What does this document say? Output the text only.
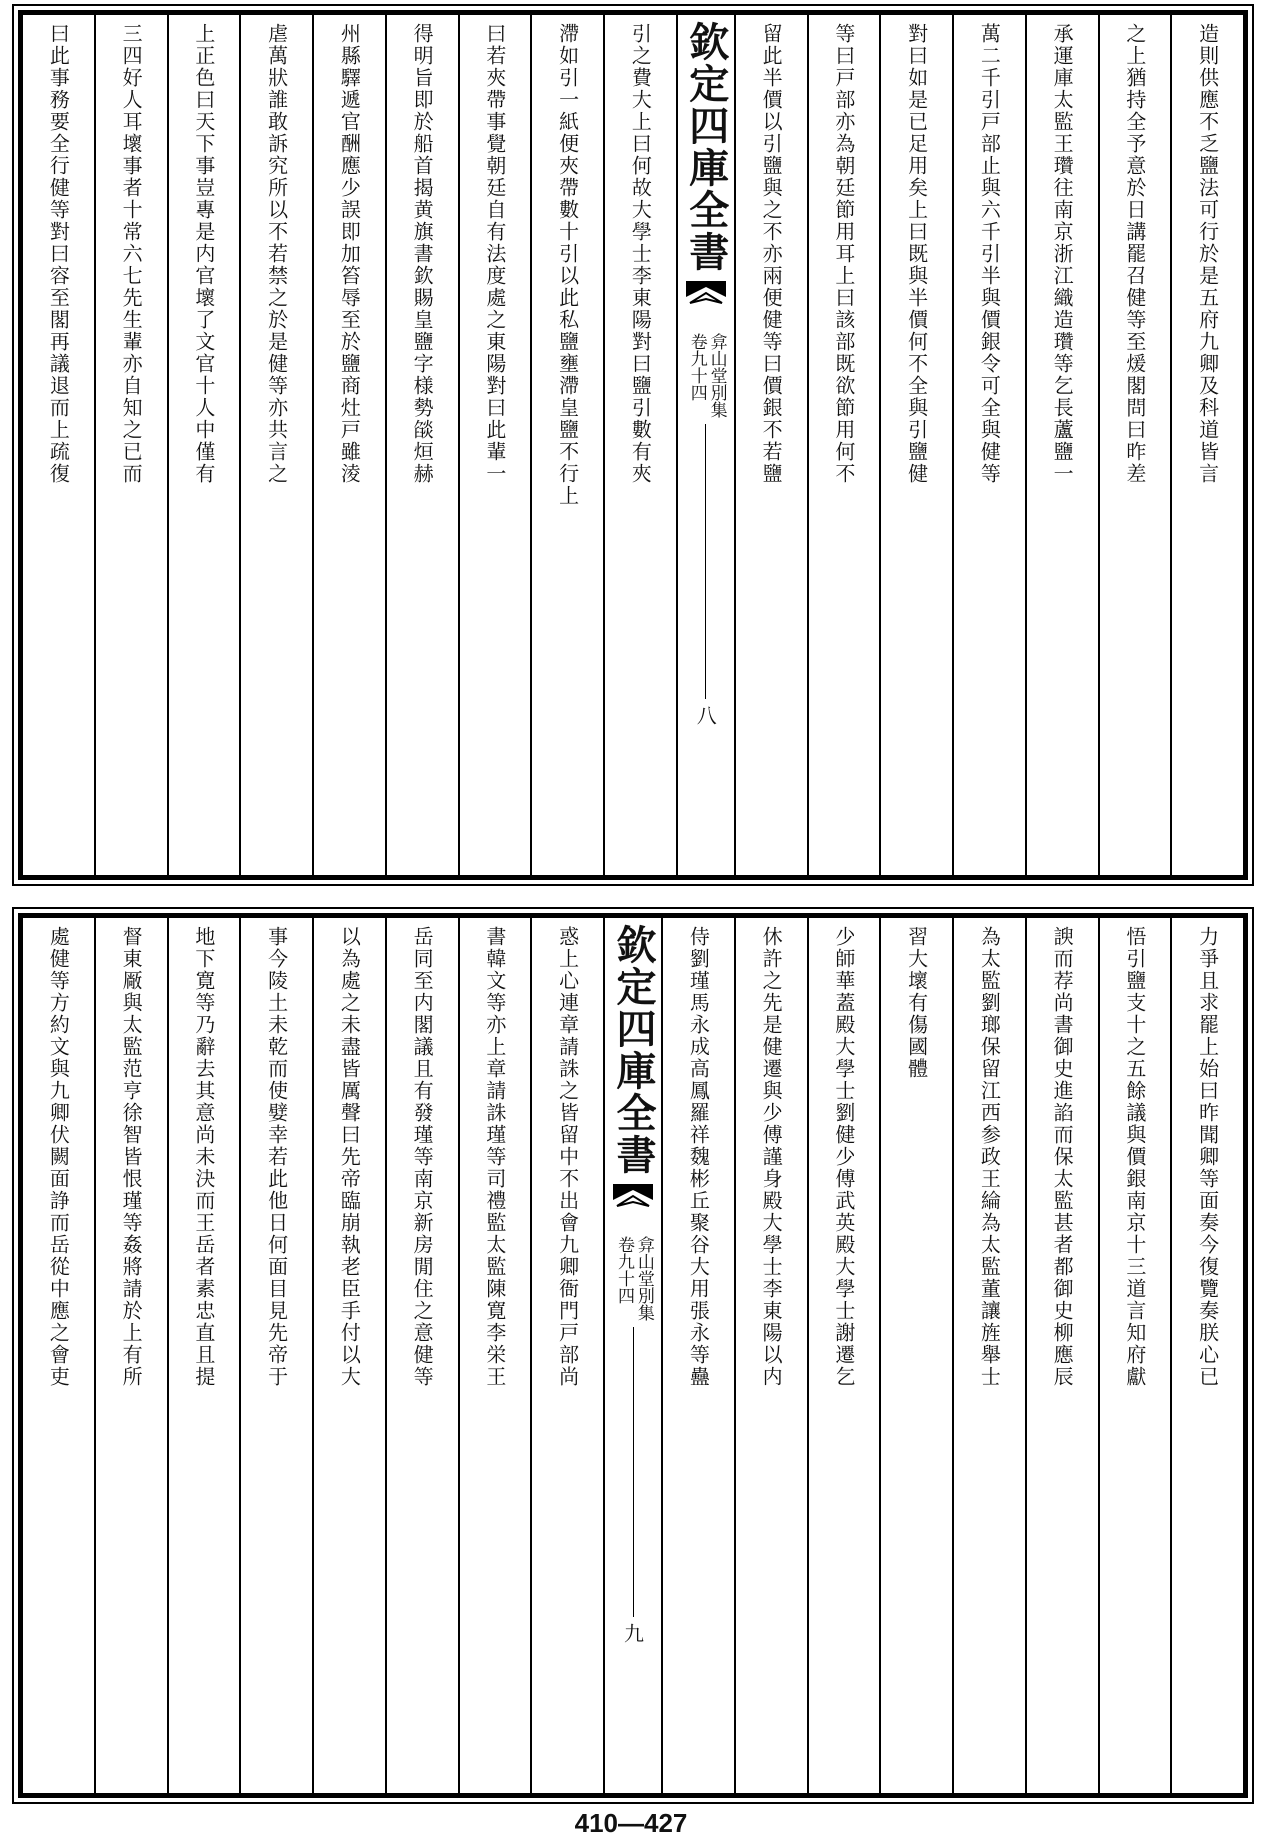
造則供應不乏鹽法可行於是五府九卿及科道皆言
之上猶持全予意於日講罷召健等至煖閣問曰昨差
承運庫太監王瓚往南京浙江織造瓚等乞長蘆鹽一
萬二千引戸部止與六千引半與價銀令可全與健等
對曰如是已足用矣上曰既與半價何不全與引鹽健
等曰戸部亦為朝廷節用耳上曰該部既欲節用何不
留此半價以引鹽與之不亦兩便健等曰價銀不若鹽
欽定四庫全書
弇山堂別集
卷九十四
八
引之費大上曰何故大學士李東陽對曰鹽引數有夾
滯如引一紙便夾帶數十引以此私鹽壅滯皇鹽不行上
曰若夾帶事覺朝廷自有法度處之東陽對曰此輩一
得明旨即於船首揭黄旗書欽賜皇鹽字様勢燄烜赫
州縣驛遞官酬應少誤即加笞辱至於鹽商灶戸雖淩
虐萬狀誰敢訴究所以不若禁之於是健等亦共言之
上正色曰天下事豈專是内官壞了文官十人中僅有
三四好人耳壞事者十常六七先生輩亦自知之已而
曰此事務要全行健等對曰容至閣再議退而上疏復
力爭且求罷上始曰昨聞卿等面奏今復覽奏朕心已
悟引鹽支十之五餘議與價銀南京十三道言知府獻
諛而荐尚書御史進諂而保太監甚者都御史柳應辰
為太監劉瑯保留江西参政王綸為太監董讓旌舉士
習大壞有傷國體
少師華蓋殿大學士劉健少傅武英殿大學士謝遷乞
休許之先是健遷與少傅謹身殿大學士李東陽以内
侍劉瑾馬永成高鳳羅祥魏彬丘聚谷大用張永等蠱
欽定四庫全書
弇山堂別集
卷九十四
九
惑上心連章請誅之皆留中不出會九卿衙門戸部尚
書韓文等亦上章請誅瑾等司禮監太監陳寛李栄王
岳同至内閣議且有發瑾等南京新房閒住之意健等
以為處之未盡皆厲聲曰先帝臨崩執老臣手付以大
事今陵土未乾而使嬖幸若此他日何面目見先帝于
地下寛等乃辭去其意尚未決而王岳者素忠直且提
督東厰與太監范亨徐智皆恨瑾等姦將請於上有所
處健等方約文與九卿伏闕面諍而岳從中應之會吏
410—427
